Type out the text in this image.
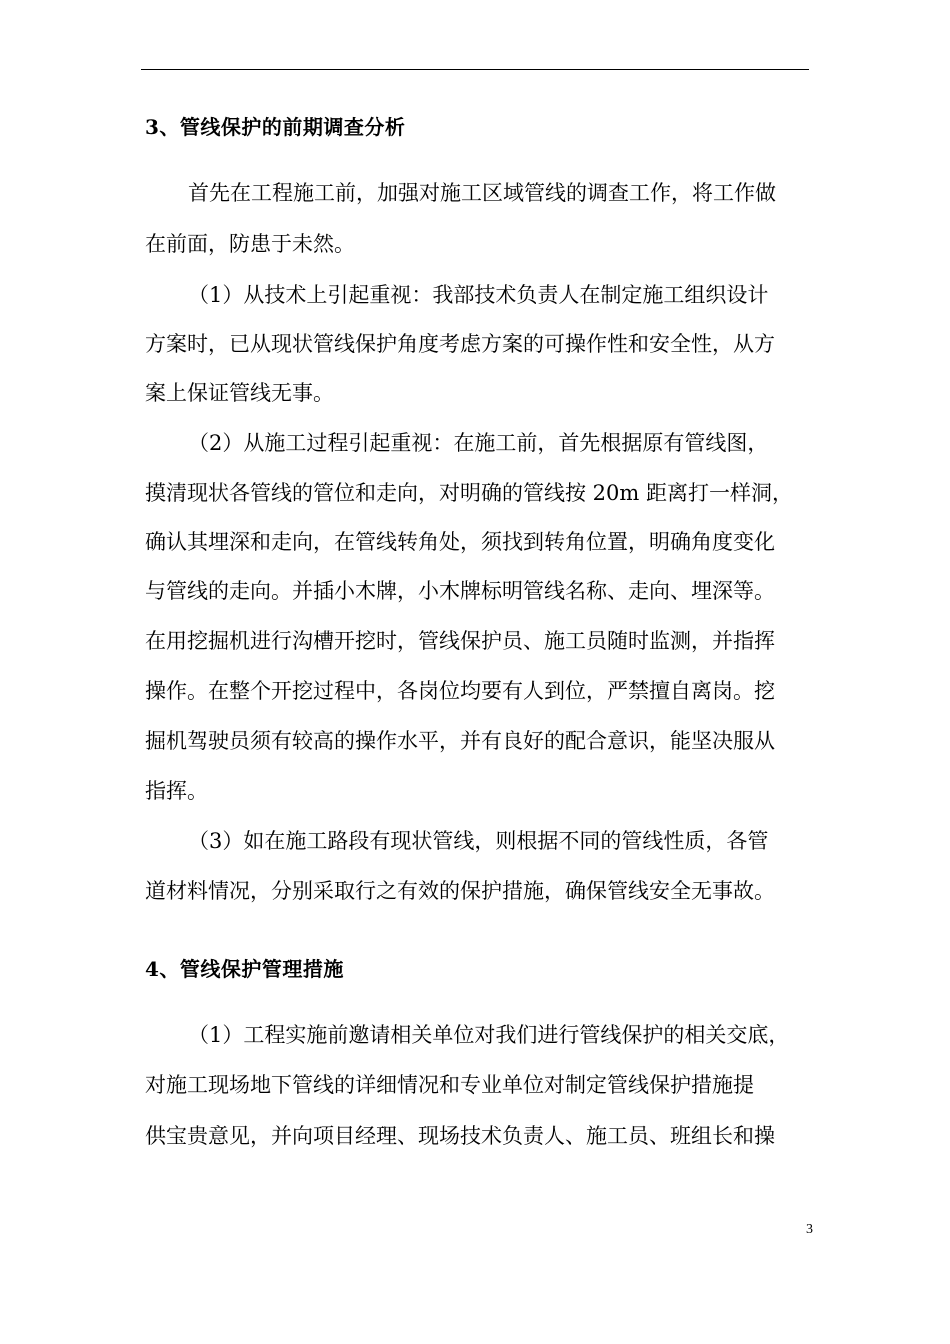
3、管线保护的前期调查分析
首先在工程施工前，加强对施工区域管线的调查工作，将工作做
在前面，防患于未然。
（1）从技术上引起重视：我部技术负责人在制定施工组织设计
方案时，已从现状管线保护角度考虑方案的可操作性和安全性，从方
案上保证管线无事。
（2）从施工过程引起重视：在施工前，首先根据原有管线图，
摸清现状各管线的管位和走向，对明确的管线按 20m 距离打一样洞，
确认其埋深和走向，在管线转角处，须找到转角位置，明确角度变化
与管线的走向。并插小木牌，小木牌标明管线名称、走向、埋深等。
在用挖掘机进行沟槽开挖时，管线保护员、施工员随时监测，并指挥
操作。在整个开挖过程中，各岗位均要有人到位，严禁擅自离岗。挖
掘机驾驶员须有较高的操作水平，并有良好的配合意识，能坚决服从
指挥。
（3）如在施工路段有现状管线，则根据不同的管线性质，各管
道材料情况，分别采取行之有效的保护措施，确保管线安全无事故。
4、管线保护管理措施
（1）工程实施前邀请相关单位对我们进行管线保护的相关交底，
对施工现场地下管线的详细情况和专业单位对制定管线保护措施提
供宝贵意见，并向项目经理、现场技术负责人、施工员、班组长和操
3
